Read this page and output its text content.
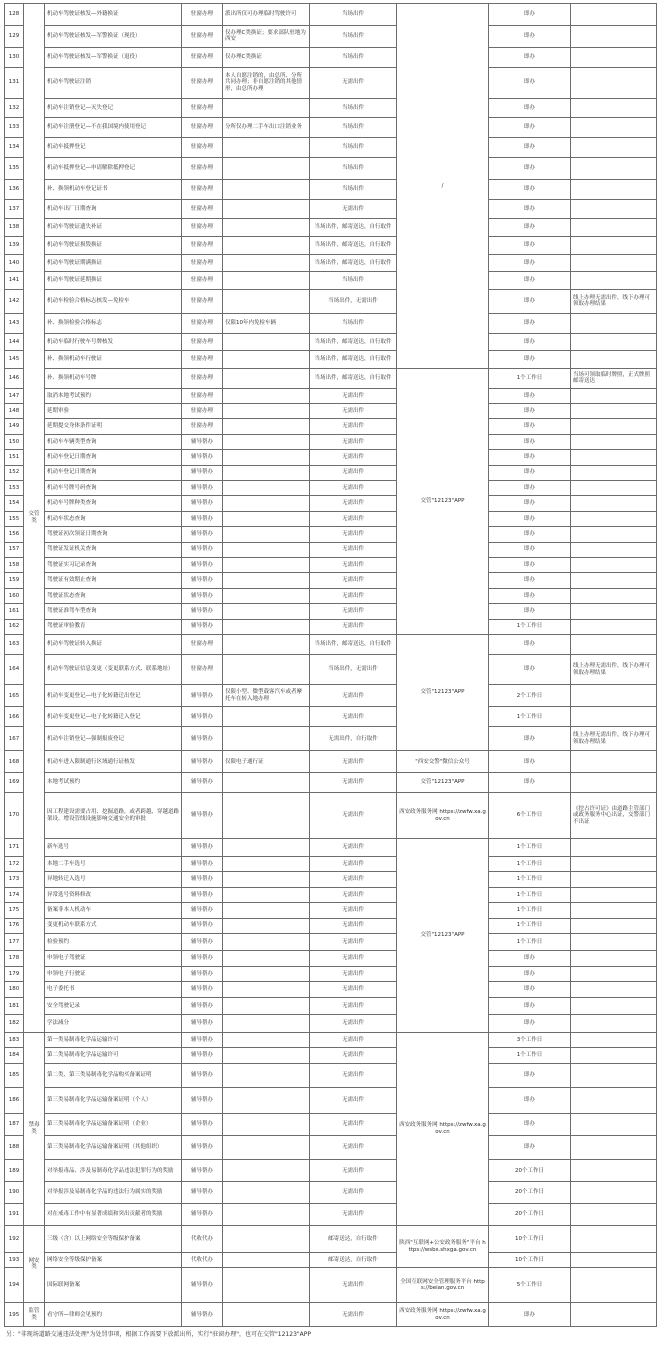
128	交管类	机动车驾驶证核发—外籍换证	驻窗办理	派出所仅可办理临时驾驶许可	当场出件	/	即办	
129		机动车驾驶证核发—军警换证（现役）	驻窗办理	仅办理C类换证；要求部队驻地为西安	当场出件		即办	
130		机动车驾驶证核发—军警换证（退役）	驻窗办理	仅办理C类换证	当场出件		即办	
131		机动车驾驶证注销	驻窗办理	本人自愿注销的，由总所、分所共同办理；非自愿注销的其他情形，由总所办理	无需出件		即办	
132		机动车注销登记—灭失登记	驻窗办理		当场出件		即办	
133		机动车注册登记—不在我国境内使用登记	驻窗办理	分所仅办理二手车出口注销业务	当场出件		即办	
134		机动车抵押登记	驻窗办理		当场出件		即办	
135		机动车抵押登记—申请解除抵押登记	驻窗办理		当场出件		即办	
136		补、换领机动车登记证书	驻窗办理		当场出件		即办	
137		机动车出厂日期查询	驻窗办理		无需出件		即办	
138		机动车驾驶证遗失补证	驻窗办理		当场出件，邮寄送达，自行取件		即办	
139		机动车驾驶证损毁换证	驻窗办理		当场出件，邮寄送达，自行取件		即办	
140		机动车驾驶证期满换证	驻窗办理		当场出件，邮寄送达，自行取件		即办	
141		机动车驾驶证延期换证	驻窗办理		当场出件		即办	
142		机动车检验合格标志核发—免检车	驻窗办理		当场出件，无需出件		即办	线上办理无需出件，线下办理可领取办理结果
143		补、换领检验合格标志	驻窗办理	仅限10年内免检车辆	当场出件		即办	
144		机动车临时行驶车号牌核发	驻窗办理		当场出件，邮寄送达，自行取件		即办	
145		补、换领机动车行驶证	驻窗办理		当场出件，邮寄送达，自行取件		即办	
146		补、换领机动车号牌	驻窗办理		当场出件，邮寄送达，自行取件	交管"12123"APP	1个工作日	当场可领取临时牌照，正式牌照邮寄送达
147		取消本地考试预约	驻窗办理		无需出件		即办	
148		延期审验	驻窗办理		无需出件		即办	
149		延期提交身体条件证明	驻窗办理		无需出件		即办	
150		机动车车辆类型查询	辅导帮办		无需出件		即办	
151		机动车登记日期查询	辅导帮办		无需出件		即办	
152		机动车登记日期查询	辅导帮办		无需出件		即办	
153		机动车号牌号码查询	辅导帮办		无需出件		即办	
154		机动车号牌种类查询	辅导帮办		无需出件		即办	
155		机动车状态查询	辅导帮办		无需出件		即办	
156		驾驶证初次领证日期查询	辅导帮办		无需出件		即办	
157		驾驶证发证机关查询	辅导帮办		无需出件		即办	
158		驾驶证实习记录查询	辅导帮办		无需出件		即办	
159		驾驶证有效期止查询	辅导帮办		无需出件		即办	
160		驾驶证状态查询	辅导帮办		无需出件		即办	
161		驾驶证准驾车型查询	辅导帮办		无需出件		即办	
162		驾驶证审验教育	辅导帮办		无需出件		1个工作日	
163		机动车驾驶证转入换证	驻窗办理		当场出件，邮寄送达，自行取件	交管"12123"APP	即办	
164		机动车驾驶证信息变更（变更联系方式、联系地址）	驻窗办理		当场出件，无需出件		即办	线上办理无需出件，线下办理可领取办理结果
165		机动车变更登记—电子化转籍迁出登记	辅导帮办	仅限小型、微型载客汽车或者摩托车在转入地办理	无需出件		2个工作日	
166		机动车变更登记—电子化转籍迁入登记	辅导帮办		无需出件		1个工作日	
167		机动车注销登记—强制报废登记	辅导帮办		无需出件，自行取件		即办	线上办理无需出件，线下办理可领取办理结果
168		机动车进入限制通行区域通行证核发	辅导帮办	仅限电子通行证	无需出件	"西安交警"微信公众号	即办	
169		本地考试预约	辅导帮办		无需出件	交管"12123"APP	即办	
170		因工程建设需要占用、挖掘道路，或者跨越、穿越道路架设、增设管线设施影响交通安全的审批	辅导帮办		无需出件	西安政务服务网 https://zwfw.xa.gov.cn	6个工作日	《挖占许可证》由道路主管部门或政务服务中心出证，交警部门不出证
171		新车选号	辅导帮办		无需出件	交管"12123"APP	1个工作日	
172		本地二手车选号	辅导帮办		无需出件		1个工作日	
173		异地转迁入选号	辅导帮办		无需出件		1个工作日	
174		异常选号资料修改	辅导帮办		无需出件		1个工作日	
175		备案非本人机动车	辅导帮办		无需出件		1个工作日	
176		变更机动车联系方式	辅导帮办		无需出件		1个工作日	
177		检验预约	辅导帮办		无需出件		1个工作日	
178		申领电子驾驶证	辅导帮办		无需出件		即办	
179		申领电子行驶证	辅导帮办		无需出件		即办	
180		电子委托书	辅导帮办		无需出件		即办	
181		安全驾驶记录	辅导帮办		无需出件		即办	
182		学法减分	辅导帮办		无需出件		即办	
183	禁毒类	第一类易制毒化学品运输许可	辅导帮办		无需出件	西安政务服务网 https://zwfw.xa.gov.cn	3个工作日	
184		第二类易制毒化学品运输许可	辅导帮办		无需出件		1个工作日	
185		第二类、第三类易制毒化学品购买备案证明	辅导帮办		无需出件		即办	
186		第三类易制毒化学品运输备案证明（个人）	辅导帮办		无需出件		即办	
187		第三类易制毒化学品运输备案证明（企业）	辅导帮办		无需出件		即办	
188		第三类易制毒化学品运输备案证明（其他组织）	辅导帮办		无需出件		即办	
189		对举报毒品、涉及易制毒化学品违法犯罪行为的奖励	辅导帮办		无需出件		20个工作日	
190		对举报涉及易制毒化学品的违法行为属实的奖励	辅导帮办		无需出件		20个工作日	
191		对在戒毒工作中有显著成绩和突出贡献者的奖励	辅导帮办		无需出件		20个工作日	
192	网安类	三级（含）以上网络安全等级保护备案	代收代办		邮寄送达，自行取件	陕西"互联网+公安政务服务"平台 https://wsbs.shxga.gov.cn	10个工作日	
193		网络安全等级保护备案	代收代办		邮寄送达，自行取件		10个工作日	
194		国际联网备案	辅导帮办		无需出件	全国互联网安全管理服务平台 https://beian.gov.cn	5个工作日	
195	监管类	看守所—律师会见预约	辅导帮办		无需出件	西安政务服务网 https://zwfw.xa.gov.cn	即办	
另："非现场道路交通违法处理"为处罚事项，根据工作需要下放派出所，实行"驻窗办理"，也可在交管"12123"APP
